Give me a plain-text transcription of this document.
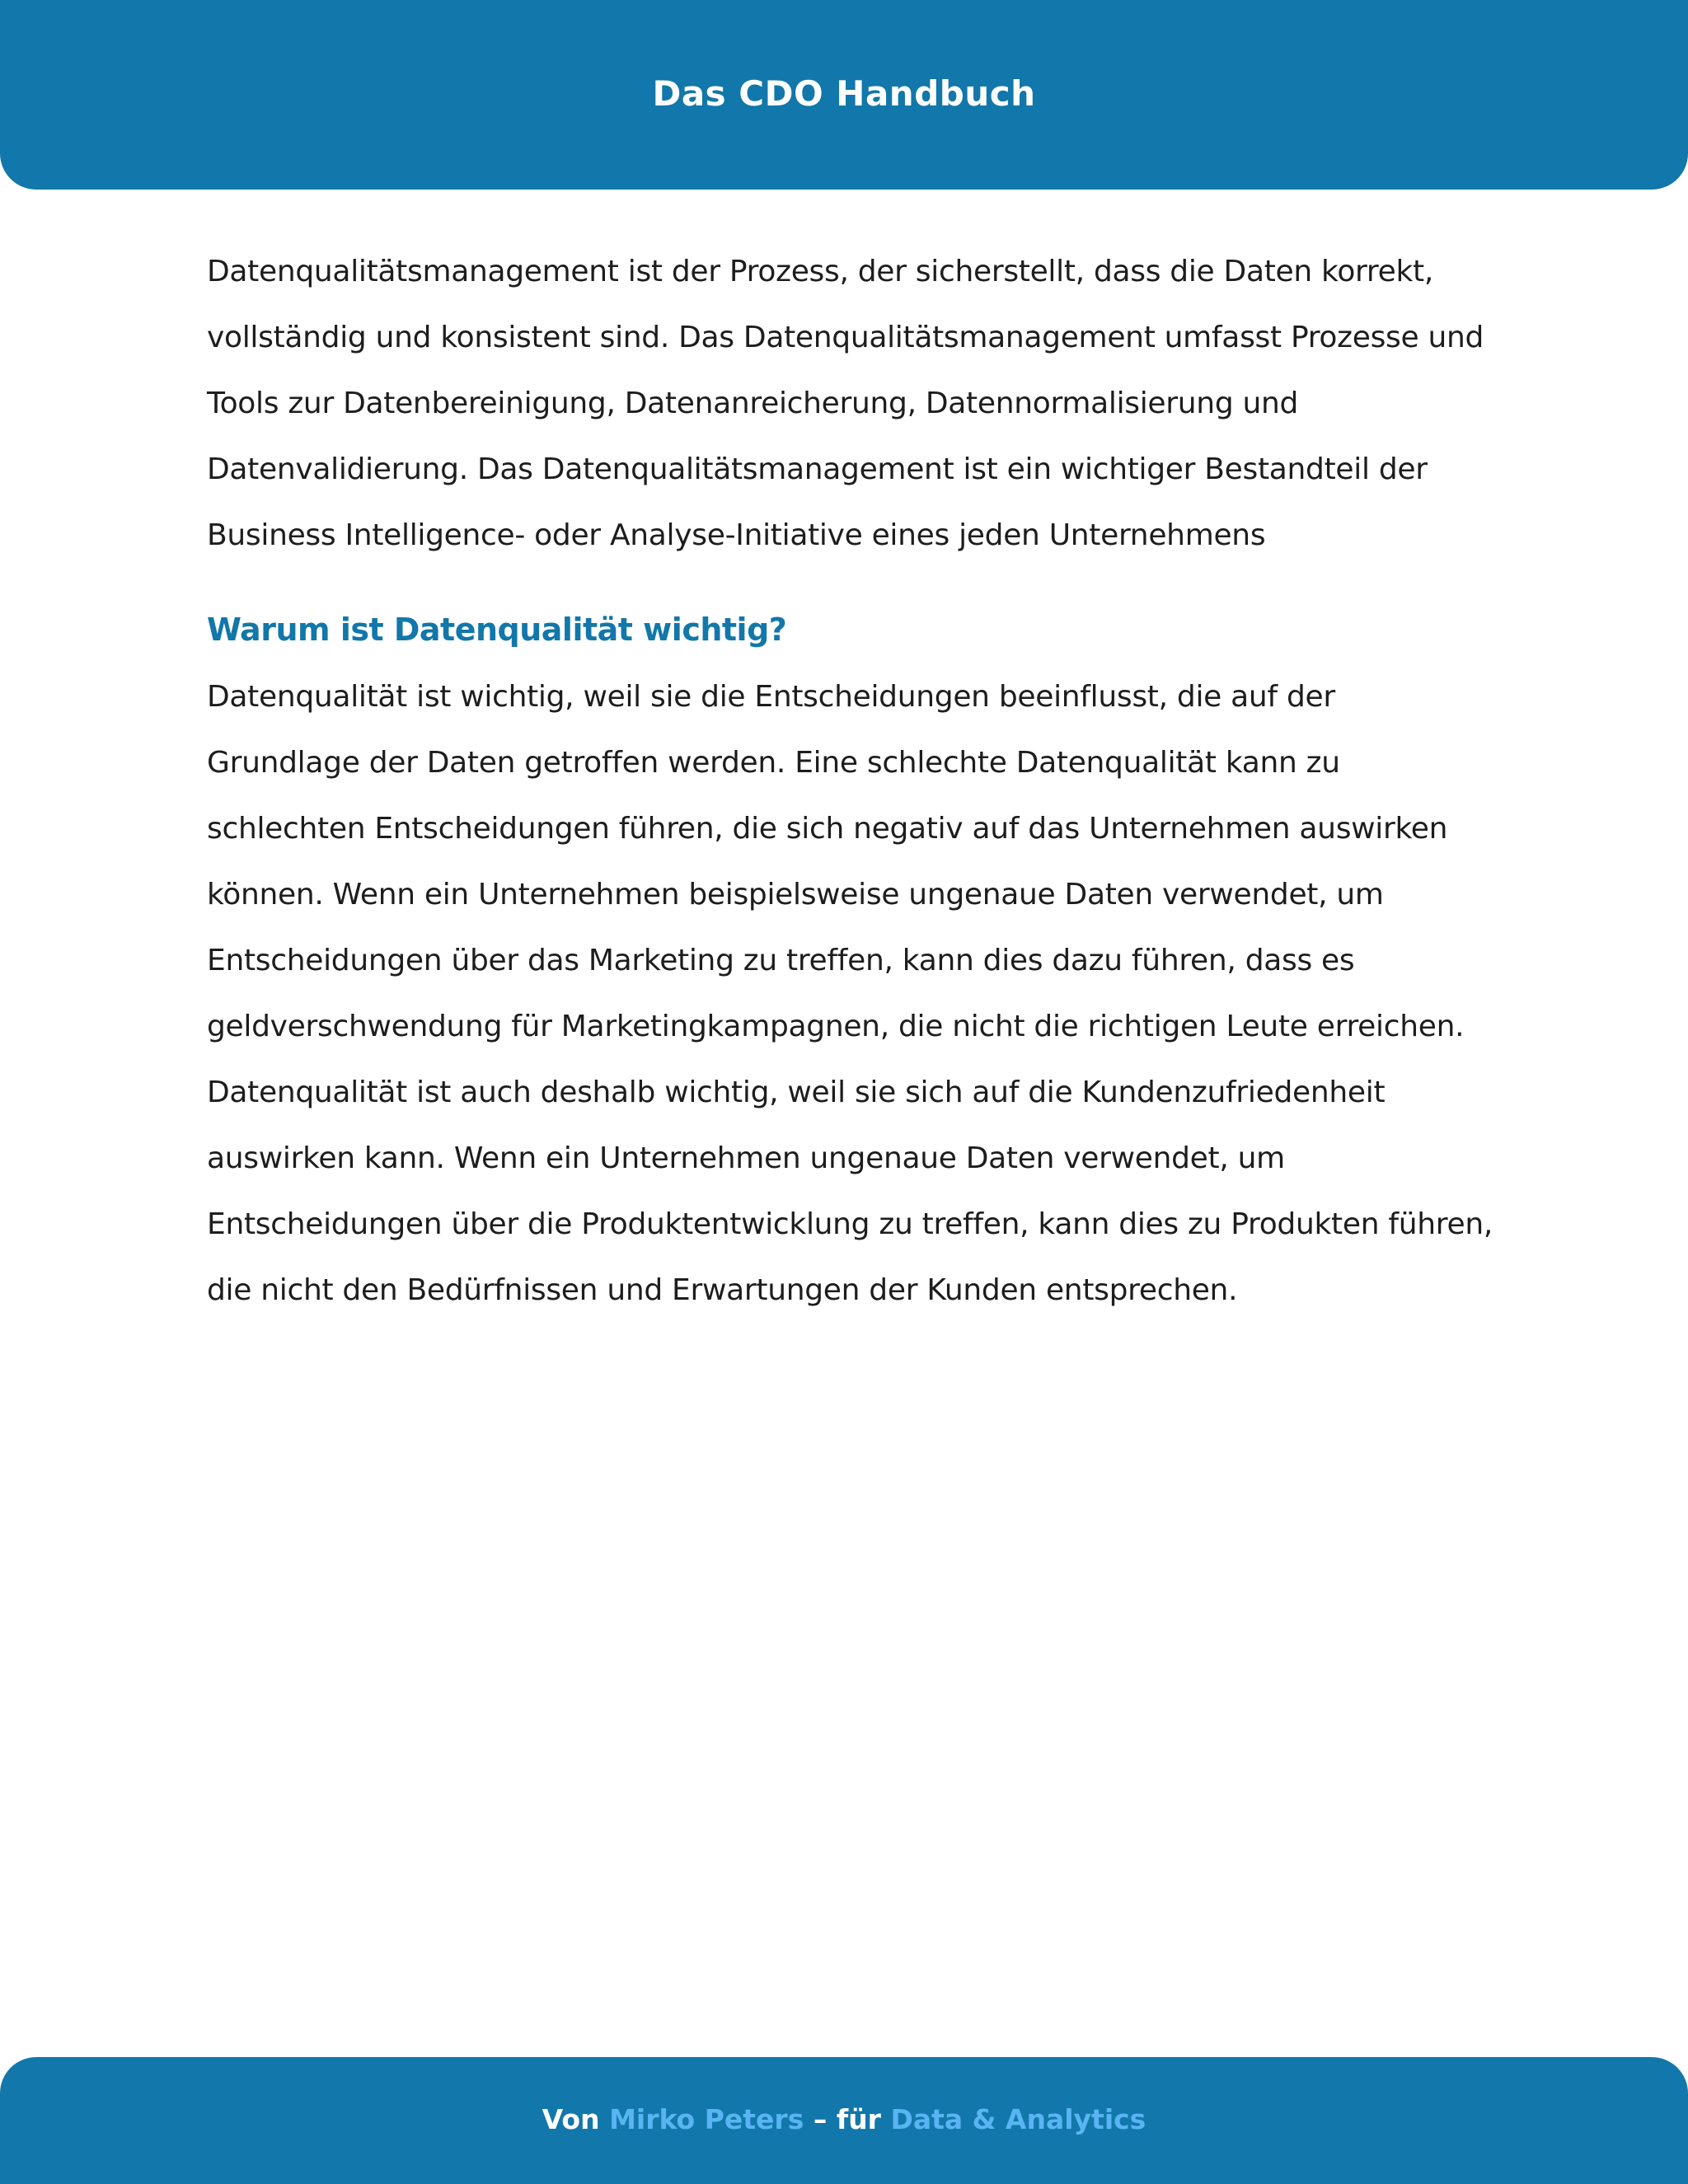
Das CDO Handbuch

Datenqualitätsmanagement ist der Prozess, der sicherstellt, dass die Daten korrekt, vollständig und konsistent sind. Das Datenqualitätsmanagement umfasst Prozesse und Tools zur Datenbereinigung, Datenanreicherung, Datennormalisierung und Datenvalidierung. Das Datenqualitätsmanagement ist ein wichtiger Bestandteil der Business Intelligence- oder Analyse-Initiative eines jeden Unternehmens

Warum ist Datenqualität wichtig?

Datenqualität ist wichtig, weil sie die Entscheidungen beeinflusst, die auf der Grundlage der Daten getroffen werden. Eine schlechte Datenqualität kann zu schlechten Entscheidungen führen, die sich negativ auf das Unternehmen auswirken können. Wenn ein Unternehmen beispielsweise ungenaue Daten verwendet, um Entscheidungen über das Marketing zu treffen, kann dies dazu führen, dass es geldverschwendung für Marketingkampagnen, die nicht die richtigen Leute erreichen. Datenqualität ist auch deshalb wichtig, weil sie sich auf die Kundenzufriedenheit auswirken kann. Wenn ein Unternehmen ungenaue Daten verwendet, um Entscheidungen über die Produktentwicklung zu treffen, kann dies zu Produkten führen, die nicht den Bedürfnissen und Erwartungen der Kunden entsprechen.

Von Mirko Peters – für Data & Analytics
